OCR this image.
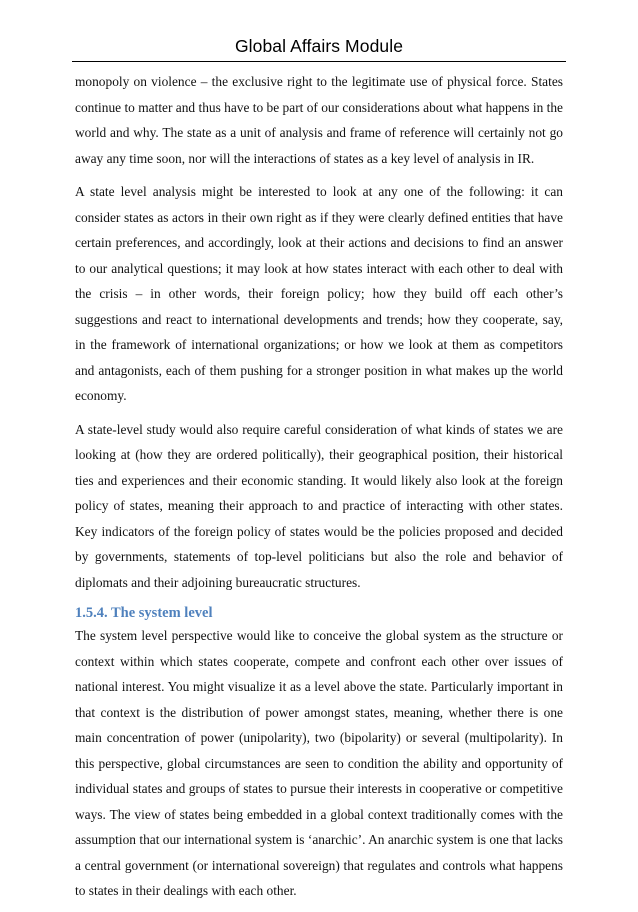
Global Affairs Module

monopoly on violence – the exclusive right to the legitimate use of physical force. States continue to matter and thus have to be part of our considerations about what happens in the world and why. The state as a unit of analysis and frame of reference will certainly not go away any time soon, nor will the interactions of states as a key level of analysis in IR.

A state level analysis might be interested to look at any one of the following: it can consider states as actors in their own right as if they were clearly defined entities that have certain preferences, and accordingly, look at their actions and decisions to find an answer to our analytical questions; it may look at how states interact with each other to deal with the crisis – in other words, their foreign policy; how they build off each other’s suggestions and react to international developments and trends; how they cooperate, say, in the framework of international organizations; or how we look at them as competitors and antagonists, each of them pushing for a stronger position in what makes up the world economy.

A state-level study would also require careful consideration of what kinds of states we are looking at (how they are ordered politically), their geographical position, their historical ties and experiences and their economic standing. It would likely also look at the foreign policy of states, meaning their approach to and practice of interacting with other states. Key indicators of the foreign policy of states would be the policies proposed and decided by governments, statements of top-level politicians but also the role and behavior of diplomats and their adjoining bureaucratic structures.

1.5.4. The system level

The system level perspective would like to conceive the global system as the structure or context within which states cooperate, compete and confront each other over issues of national interest. You might visualize it as a level above the state. Particularly important in that context is the distribution of power amongst states, meaning, whether there is one main concentration of power (unipolarity), two (bipolarity) or several (multipolarity). In this perspective, global circumstances are seen to condition the ability and opportunity of individual states and groups of states to pursue their interests in cooperative or competitive ways. The view of states being embedded in a global context traditionally comes with the assumption that our international system is ‘anarchic’. An anarchic system is one that lacks a central government (or international sovereign) that regulates and controls what happens to states in their dealings with each other.
